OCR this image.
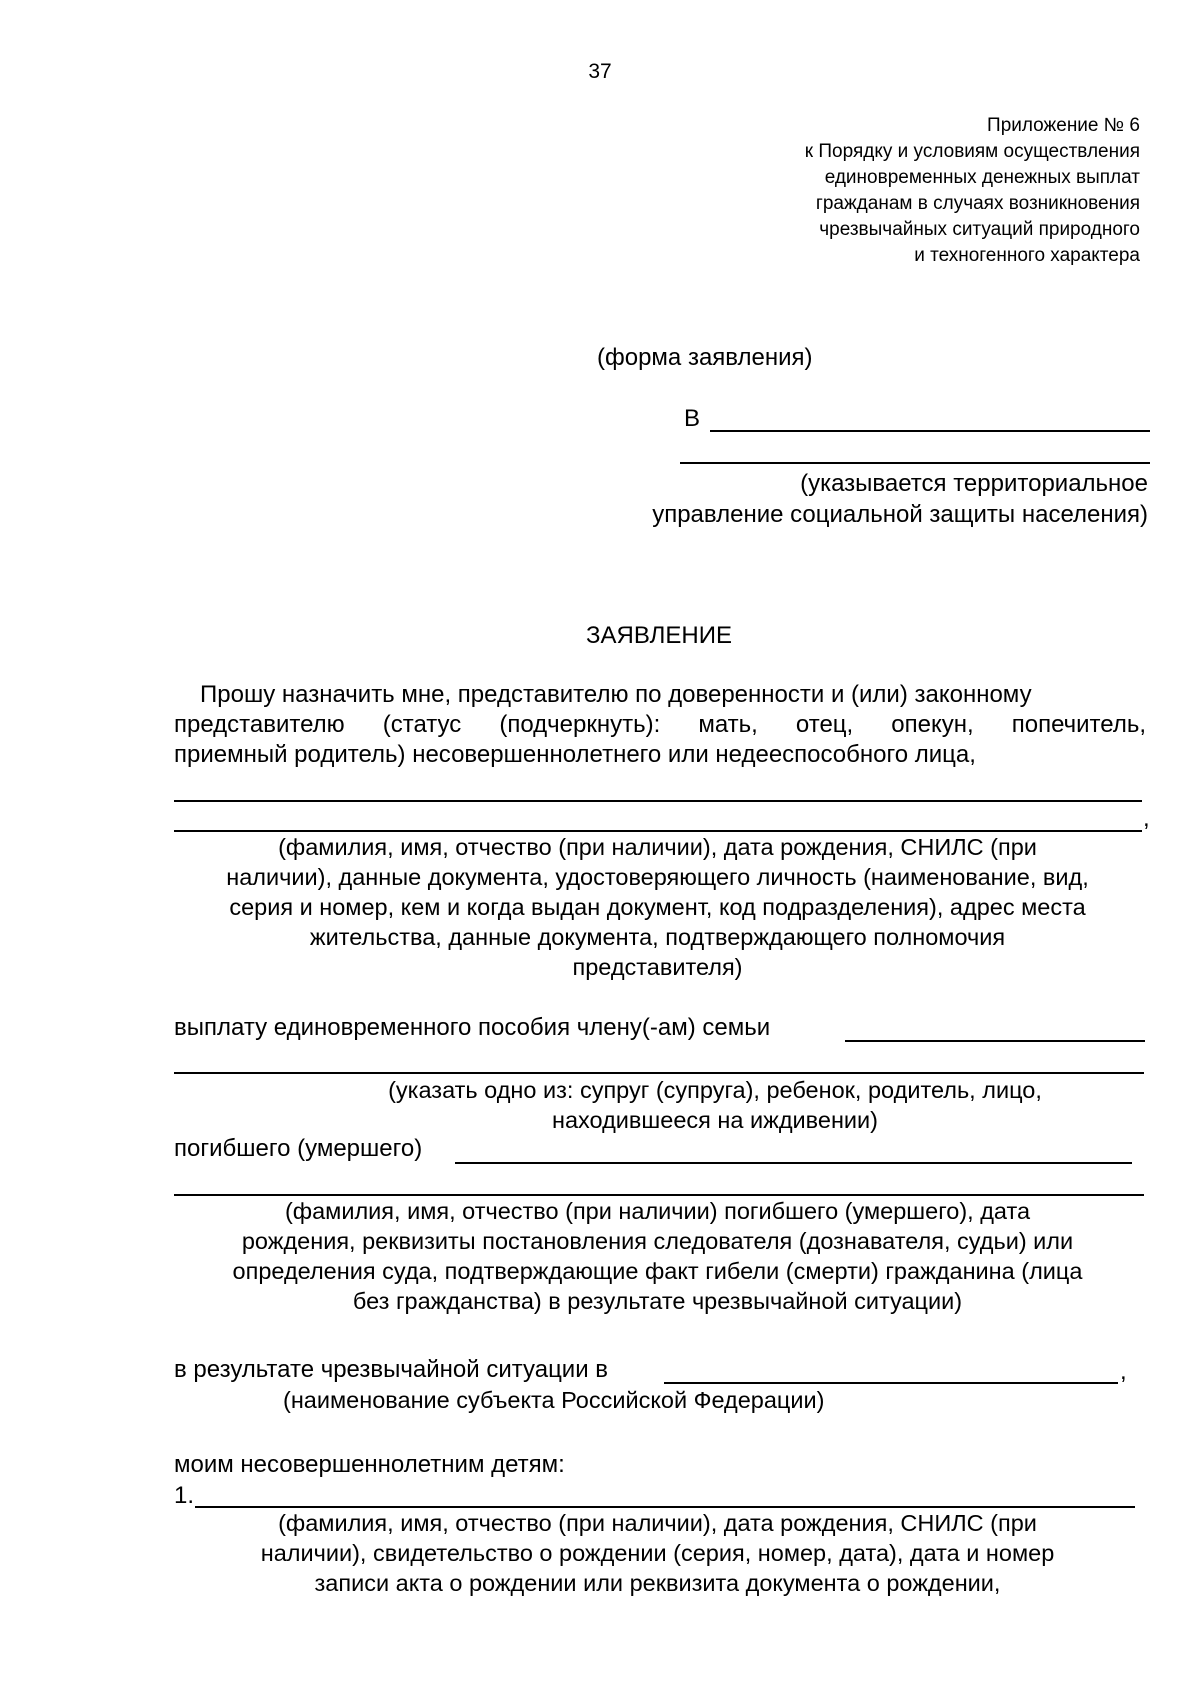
37
Приложение № 6
к Порядку и условиям осуществления
единовременных денежных выплат
гражданам в случаях возникновения
чрезвычайных ситуаций природного
и техногенного характера
(форма заявления)
В
(указывается территориальное
управление социальной защиты населения)
ЗАЯВЛЕНИЕ
Прошу назначить мне, представителю по доверенности и (или) законному
представителю (статус (подчеркнуть): мать, отец, опекун, попечитель,
приемный родитель) несовершеннолетнего или недееспособного лица,
,
(фамилия, имя, отчество (при наличии), дата рождения, СНИЛС (при
наличии), данные документа, удостоверяющего личность (наименование, вид,
серия и номер, кем и когда выдан документ, код подразделения), адрес места
жительства, данные документа, подтверждающего полномочия
представителя)
выплату единовременного пособия члену(-ам) семьи
(указать одно из: супруг (супруга), ребенок, родитель, лицо,
находившееся на иждивении)
погибшего (умершего)
(фамилия, имя, отчество (при наличии) погибшего (умершего), дата
рождения, реквизиты постановления следователя (дознавателя, судьи) или
определения суда, подтверждающие факт гибели (смерти) гражданина (лица
без гражданства) в результате чрезвычайной ситуации)
в результате чрезвычайной ситуации в	,
(наименование субъекта Российской Федерации)
моим несовершеннолетним детям:
1.
(фамилия, имя, отчество (при наличии), дата рождения, СНИЛС (при
наличии), свидетельство о рождении (серия, номер, дата), дата и номер
записи акта о рождении или реквизита документа о рождении,
